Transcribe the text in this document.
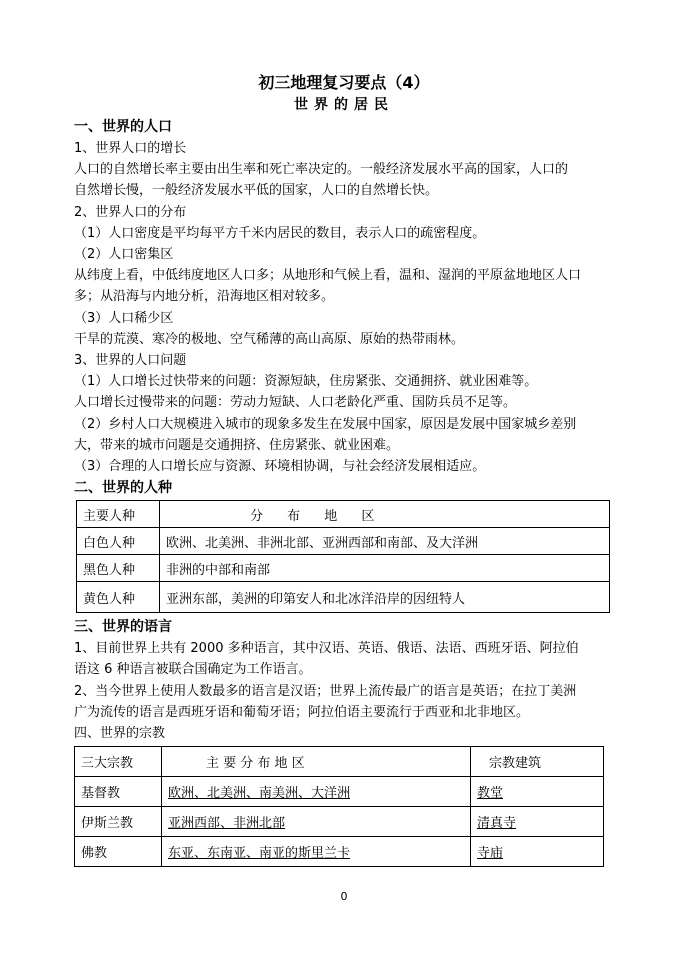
初三地理复习要点（4）
世界的居民
一、世界的人口
1、世界人口的增长
人口的自然增长率主要由出生率和死亡率决定的。一般经济发展水平高的国家，人口的
自然增长慢，一般经济发展水平低的国家，人口的自然增长快。
2、世界人口的分布
（1）人口密度是平均每平方千米内居民的数目，表示人口的疏密程度。
（2）人口密集区
从纬度上看，中低纬度地区人口多；从地形和气候上看，温和、湿润的平原盆地地区人口
多；从沿海与内地分析，沿海地区相对较多。
（3）人口稀少区
干旱的荒漠、寒冷的极地、空气稀薄的高山高原、原始的热带雨林。
3、世界的人口问题
（1）人口增长过快带来的问题：资源短缺，住房紧张、交通拥挤、就业困难等。
人口增长过慢带来的问题：劳动力短缺、人口老龄化严重、国防兵员不足等。
（2）乡村人口大规模进入城市的现象多发生在发展中国家，原因是发展中国家城乡差别
大，带来的城市问题是交通拥挤、住房紧张、就业困难。
（3）合理的人口增长应与资源、环境相协调，与社会经济发展相适应。
二、世界的人种
主要人种	分 布 地 区
白色人种	欧洲、北美洲、非洲北部、亚洲西部和南部、及大洋洲
黑色人种	非洲的中部和南部
黄色人种	亚洲东部，美洲的印第安人和北冰洋沿岸的因纽特人
三、世界的语言
1、目前世界上共有 2000 多种语言，其中汉语、英语、俄语、法语、西班牙语、阿拉伯
语这 6 种语言被联合国确定为工作语言。
2、当今世界上使用人数最多的语言是汉语；世界上流传最广的语言是英语；在拉丁美洲
广为流传的语言是西班牙语和葡萄牙语；阿拉伯语主要流行于西亚和北非地区。
四、世界的宗教
三大宗教	主 要 分 布 地 区	宗教建筑
基督教	欧洲、北美洲、南美洲、大洋洲	教堂
伊斯兰教	亚洲西部、非洲北部	清真寺
佛教	东亚、东南亚、南亚的斯里兰卡	寺庙
0
